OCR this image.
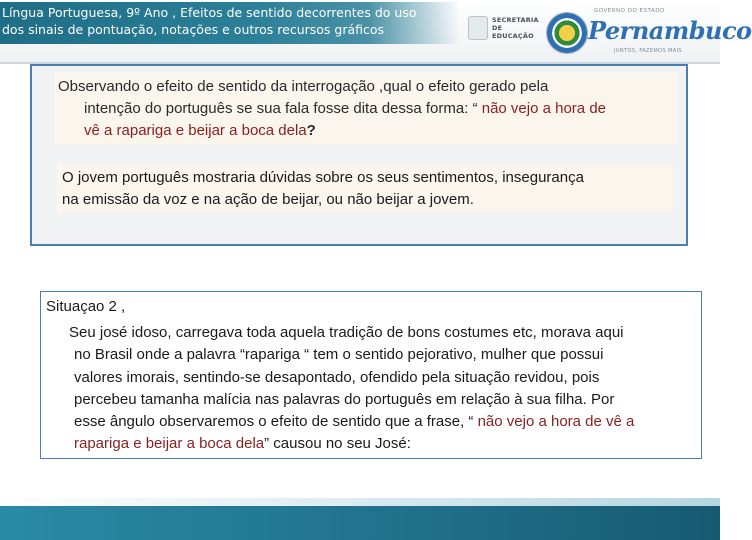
Língua Portuguesa, 9º Ano , Efeitos de sentido decorrentes do uso
dos sinais de pontuação, notações e outros recursos gráficos
SECRETARIA DE EDUCAÇÃO
GOVERNO DO ESTADO
Pernambuco
JUNTOS, FAZEMOS MAIS
Observando o efeito de sentido da interrogação ,qual o efeito gerado pela
intenção do português se sua fala fosse dita dessa forma: “ não vejo a hora de
vê a rapariga e beijar a boca dela?
O jovem português mostraria dúvidas sobre os seus sentimentos, insegurança
na emissão da voz e na ação de beijar, ou não beijar a jovem.
Situaçao 2 ,
Seu josé idoso, carregava toda aquela tradição de bons costumes etc, morava aqui
no Brasil onde a palavra “rapariga “ tem o sentido pejorativo, mulher que possui
valores imorais, sentindo-se desapontado, ofendido pela situação revidou, pois
percebeu tamanha malícia nas palavras do português em relação à sua filha. Por
esse ângulo observaremos o efeito de sentido que a frase, “ não vejo a hora de vê a
rapariga e beijar a boca dela” causou no seu José:
